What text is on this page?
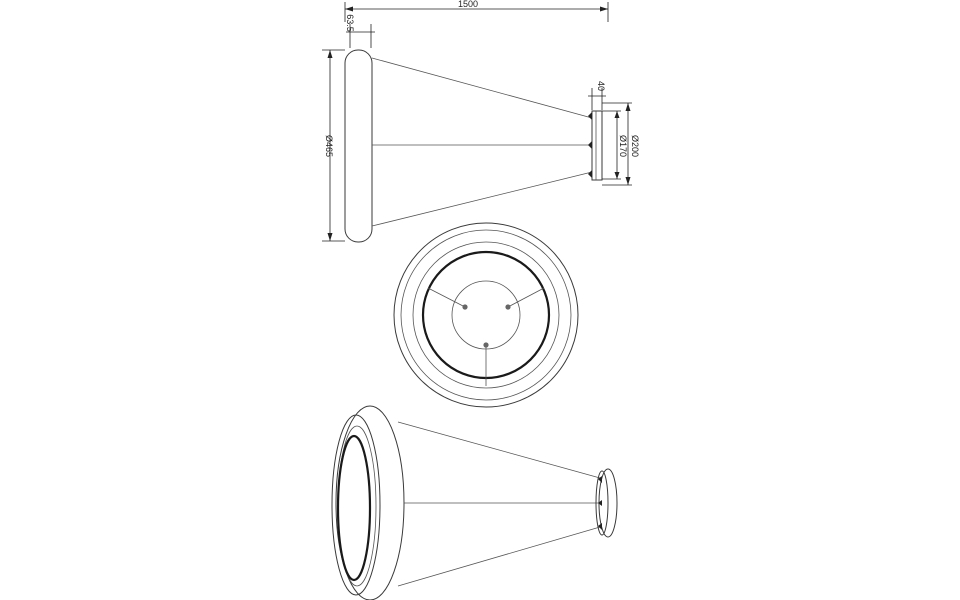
1500
63.5
Ø465
40
Ø200
Ø170
